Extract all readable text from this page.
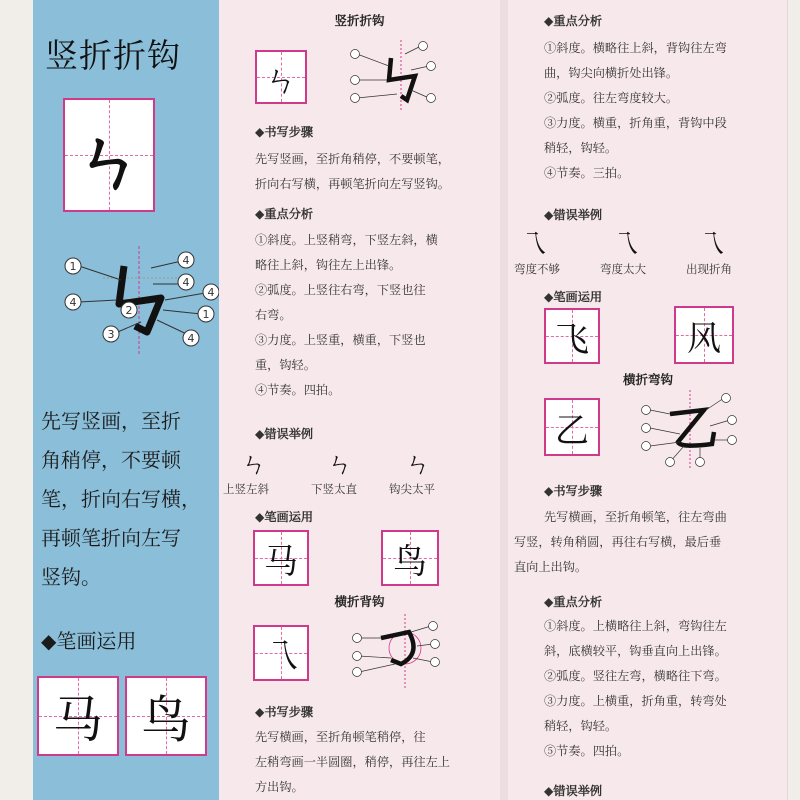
竖折折钩
ㄣ
1	4
4
4
4
2	1
3	4
先写竖画，至折
角稍停，不要顿
笔，折向右写横，
再顿笔折向左写
竖钩。
◆笔画运用
马 鸟
竖折折钩
ㄣ
◆书写步骤
先写竖画，至折角稍停，不要顿笔，
折向右写横，再顿笔折向左写竖钩。
◆重点分析
①斜度。上竖稍弯，下竖左斜，横
略往上斜，钩往左上出锋。
②弧度。上竖往右弯，下竖也往
右弯。
③力度。上竖重，横重，下竖也
重，钩轻。
④节奏。四拍。
◆错误举例
ㄣ ㄣ ㄣ
上竖左斜	下竖太直	钩尖太平
◆笔画运用
马	鸟
横折背钩
乁
◆书写步骤
先写横画，至折角顿笔稍停，往
左稍弯画一半圆圈，稍停，再往左上
方出钩。
◆重点分析
①斜度。横略往上斜，背钩往左弯
曲，钩尖向横折处出锋。
②弧度。往左弯度较大。
③力度。横重，折角重，背钩中段
稍轻，钩轻。
④节奏。三拍。
◆错误举例
乁	乁 乁
弯度不够	弯度太大	出现折角
◆笔画运用
飞	风
横折弯钩
乙
◆书写步骤
先写横画，至折角顿笔，往左弯曲
写竖，转角稍圆，再往右写横，最后垂
直向上出钩。
◆重点分析
①斜度。上横略往上斜，弯钩往左
斜，底横较平，钩垂直向上出锋。
②弧度。竖往左弯，横略往下弯。
③力度。上横重，折角重，转弯处
稍轻，钩轻。
⑤节奏。四拍。
◆错误举例
